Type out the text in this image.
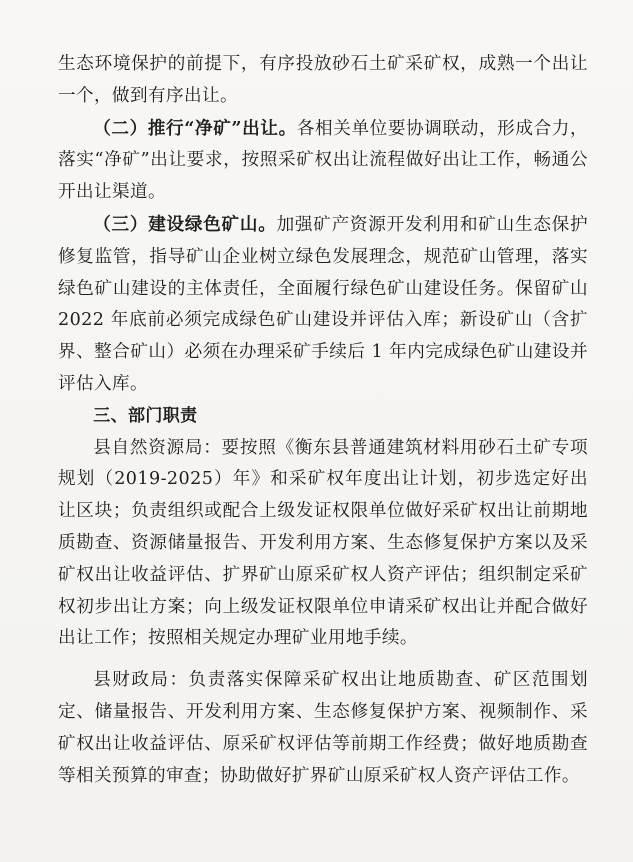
生态环境保护的前提下，有序投放砂石土矿采矿权，成熟一个出让一个，做到有序出让。

（二）推行“净矿”出让。各相关单位要协调联动，形成合力，落实“净矿”出让要求，按照采矿权出让流程做好出让工作，畅通公开出让渠道。

（三）建设绿色矿山。加强矿产资源开发利用和矿山生态保护修复监管，指导矿山企业树立绿色发展理念，规范矿山管理，落实绿色矿山建设的主体责任，全面履行绿色矿山建设任务。保留矿山 2022 年底前必须完成绿色矿山建设并评估入库；新设矿山（含扩界、整合矿山）必须在办理采矿手续后 1 年内完成绿色矿山建设并评估入库。

三、部门职责

县自然资源局：要按照《衡东县普通建筑材料用砂石土矿专项规划（2019-2025）年》和采矿权年度出让计划，初步选定好出让区块；负责组织或配合上级发证权限单位做好采矿权出让前期地质勘查、资源储量报告、开发利用方案、生态修复保护方案以及采矿权出让收益评估、扩界矿山原采矿权人资产评估；组织制定采矿权初步出让方案；向上级发证权限单位申请采矿权出让并配合做好出让工作；按照相关规定办理矿业用地手续。

县财政局：负责落实保障采矿权出让地质勘查、矿区范围划定、储量报告、开发利用方案、生态修复保护方案、视频制作、采矿权出让收益评估、原采矿权评估等前期工作经费；做好地质勘查等相关预算的审查；协助做好扩界矿山原采矿权人资产评估工作。
